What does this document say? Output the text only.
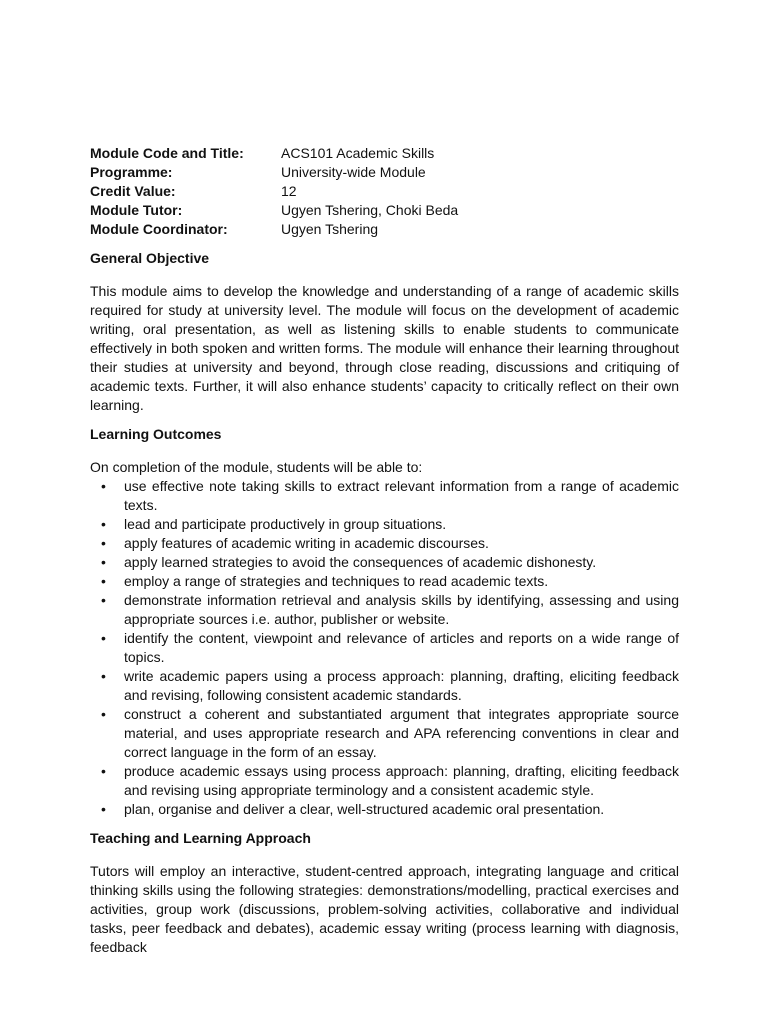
Module Code and Title:	ACS101 Academic Skills
Programme:	University-wide Module
Credit Value:	12
Module Tutor:	Ugyen Tshering, Choki Beda
Module Coordinator:	Ugyen Tshering
General Objective

This module aims to develop the knowledge and understanding of a range of academic skills required for study at university level. The module will focus on the development of academic writing, oral presentation, as well as listening skills to enable students to communicate effectively in both spoken and written forms. The module will enhance their learning throughout their studies at university and beyond, through close reading, discussions and critiquing of academic texts. Further, it will also enhance students’ capacity to critically reflect on their own learning.

Learning Outcomes

On completion of the module, students will be able to:

• use effective note taking skills to extract relevant information from a range of academic texts.
• lead and participate productively in group situations.
• apply features of academic writing in academic discourses.
• apply learned strategies to avoid the consequences of academic dishonesty.
• employ a range of strategies and techniques to read academic texts.
• demonstrate information retrieval and analysis skills by identifying, assessing and using appropriate sources i.e. author, publisher or website.
• identify the content, viewpoint and relevance of articles and reports on a wide range of topics.
• write academic papers using a process approach: planning, drafting, eliciting feedback and revising, following consistent academic standards.
• construct a coherent and substantiated argument that integrates appropriate source material, and uses appropriate research and APA referencing conventions in clear and correct language in the form of an essay.
• produce academic essays using process approach: planning, drafting, eliciting feedback and revising using appropriate terminology and a consistent academic style.
• plan, organise and deliver a clear, well-structured academic oral presentation.
Teaching and Learning Approach

Tutors will employ an interactive, student-centred approach, integrating language and critical thinking skills using the following strategies: demonstrations/modelling, practical exercises and activities, group work (discussions, problem-solving activities, collaborative and individual tasks, peer feedback and debates), academic essay writing (process learning with diagnosis, feedback
